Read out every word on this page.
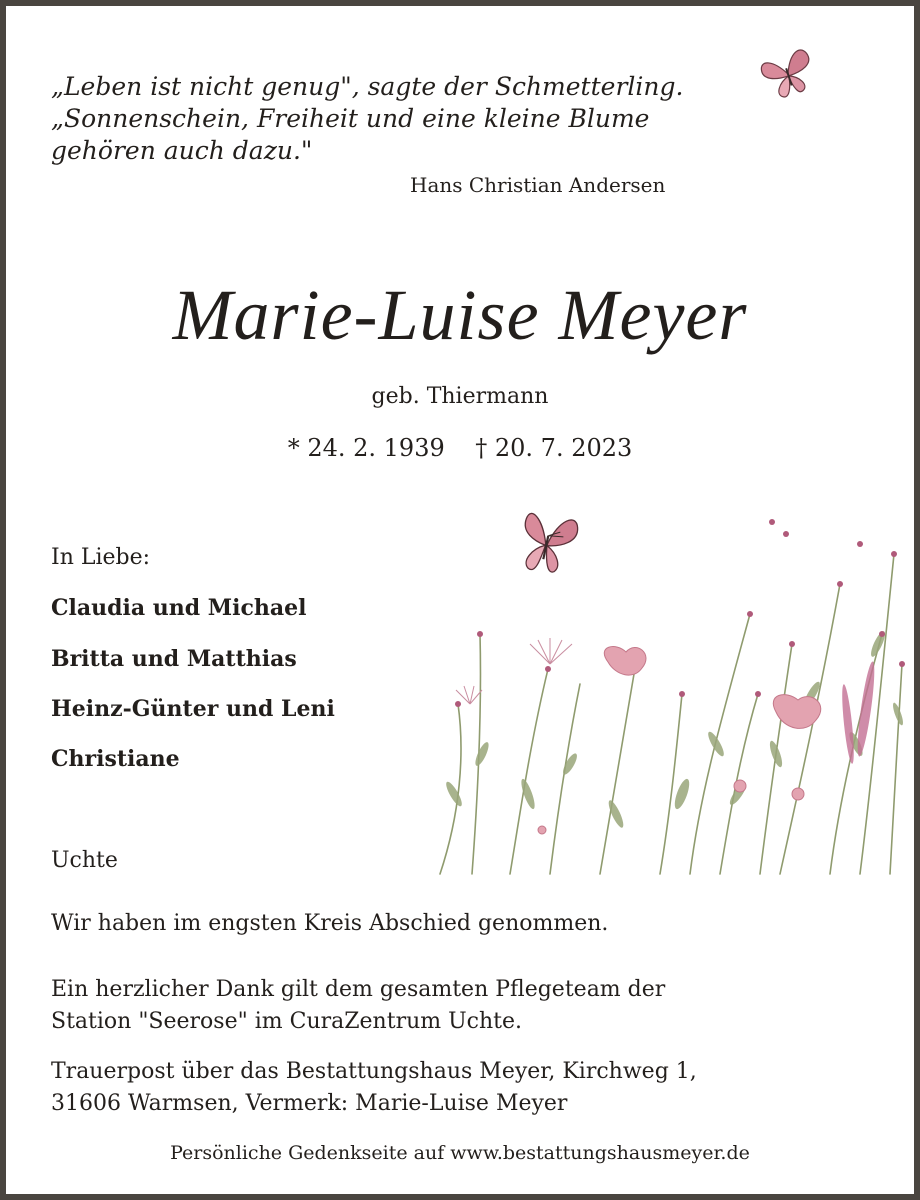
„Leben ist nicht genug", sagte der Schmetterling.
„Sonnenschein, Freiheit und eine kleine Blume
gehören auch dazu."
Hans Christian Andersen
Marie-Luise Meyer
geb. Thiermann
* 24. 2. 1939    † 20. 7. 2023
In Liebe:
Claudia und Michael
Britta und Matthias
Heinz-Günter und Leni
Christiane
Uchte
Wir haben im engsten Kreis Abschied genommen.
Ein herzlicher Dank gilt dem gesamten Pflegeteam der
Station "Seerose" im CuraZentrum Uchte.
Trauerpost über das Bestattungshaus Meyer, Kirchweg 1,
31606 Warmsen, Vermerk: Marie-Luise Meyer
Persönliche Gedenkseite auf www.bestattungshausmeyer.de
